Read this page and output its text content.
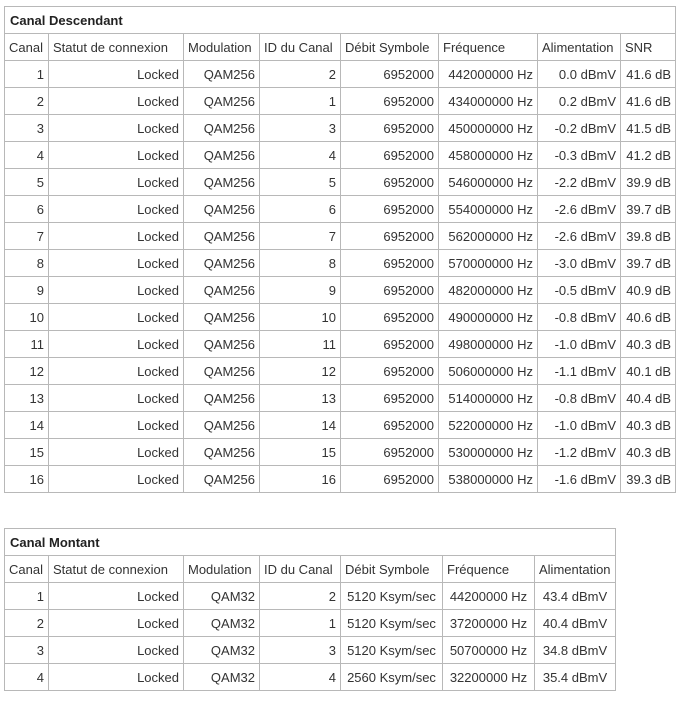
Canal Descendant							
Canal	Statut de connexion	Modulation	ID du Canal	Débit Symbole	Fréquence	Alimentation	SNR
1	Locked	QAM256	2	6952000	442000000 Hz	0.0 dBmV	41.6 dB
2	Locked	QAM256	1	6952000	434000000 Hz	0.2 dBmV	41.6 dB
3	Locked	QAM256	3	6952000	450000000 Hz	-0.2 dBmV	41.5 dB
4	Locked	QAM256	4	6952000	458000000 Hz	-0.3 dBmV	41.2 dB
5	Locked	QAM256	5	6952000	546000000 Hz	-2.2 dBmV	39.9 dB
6	Locked	QAM256	6	6952000	554000000 Hz	-2.6 dBmV	39.7 dB
7	Locked	QAM256	7	6952000	562000000 Hz	-2.6 dBmV	39.8 dB
8	Locked	QAM256	8	6952000	570000000 Hz	-3.0 dBmV	39.7 dB
9	Locked	QAM256	9	6952000	482000000 Hz	-0.5 dBmV	40.9 dB
10	Locked	QAM256	10	6952000	490000000 Hz	-0.8 dBmV	40.6 dB
11	Locked	QAM256	11	6952000	498000000 Hz	-1.0 dBmV	40.3 dB
12	Locked	QAM256	12	6952000	506000000 Hz	-1.1 dBmV	40.1 dB
13	Locked	QAM256	13	6952000	514000000 Hz	-0.8 dBmV	40.4 dB
14	Locked	QAM256	14	6952000	522000000 Hz	-1.0 dBmV	40.3 dB
15	Locked	QAM256	15	6952000	530000000 Hz	-1.2 dBmV	40.3 dB
16	Locked	QAM256	16	6952000	538000000 Hz	-1.6 dBmV	39.3 dB
Canal Montant						
Canal	Statut de connexion	Modulation	ID du Canal	Débit Symbole	Fréquence	Alimentation
1	Locked	QAM32	2	5120 Ksym/sec	44200000 Hz	43.4 dBmV
2	Locked	QAM32	1	5120 Ksym/sec	37200000 Hz	40.4 dBmV
3	Locked	QAM32	3	5120 Ksym/sec	50700000 Hz	34.8 dBmV
4	Locked	QAM32	4	2560 Ksym/sec	32200000 Hz	35.4 dBmV
